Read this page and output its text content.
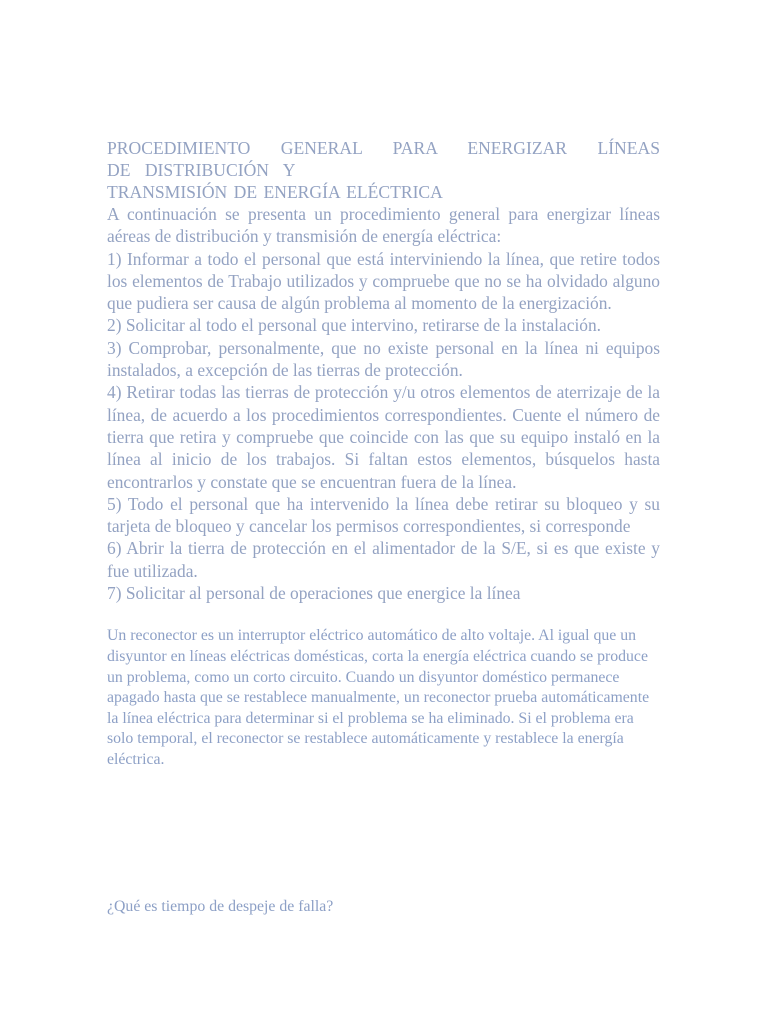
PROCEDIMIENTO GENERAL PARA ENERGIZAR LÍNEAS
DE DISTRIBUCIÓN Y
TRANSMISIÓN DE ENERGÍA ELÉCTRICA

A continuación se presenta un procedimiento general para energizar líneas aéreas de distribución y transmisión de energía eléctrica:

1) Informar a todo el personal que está interviniendo la línea, que retire todos los elementos de Trabajo utilizados y compruebe que no se ha olvidado alguno que pudiera ser causa de algún problema al momento de la energización.

2) Solicitar al todo el personal que intervino, retirarse de la instalación.

3) Comprobar, personalmente, que no existe personal en la línea ni equipos instalados, a excepción de las tierras de protección.

4) Retirar todas las tierras de protección y/u otros elementos de aterrizaje de la línea, de acuerdo a los procedimientos correspondientes. Cuente el número de tierra que retira y compruebe que coincide con las que su equipo instaló en la línea al inicio de los trabajos. Si faltan estos elementos, búsquelos hasta encontrarlos y constate que se encuentran fuera de la línea.

5) Todo el personal que ha intervenido la línea debe retirar su bloqueo y su tarjeta de bloqueo y cancelar los permisos correspondientes, si corresponde

6) Abrir la tierra de protección en el alimentador de la S/E, si es que existe y fue utilizada.

7) Solicitar al personal de operaciones que energice la línea

Un reconector es un interruptor eléctrico automático de alto voltaje. Al igual que un disyuntor en líneas eléctricas domésticas, corta la energía eléctrica cuando se produce un problema, como un corto circuito. Cuando un disyuntor doméstico permanece apagado hasta que se restablece manualmente, un reconector prueba automáticamente la línea eléctrica para determinar si el problema se ha eliminado. Si el problema era solo temporal, el reconector se restablece automáticamente y restablece la energía eléctrica.

¿Qué es tiempo de despeje de falla?
